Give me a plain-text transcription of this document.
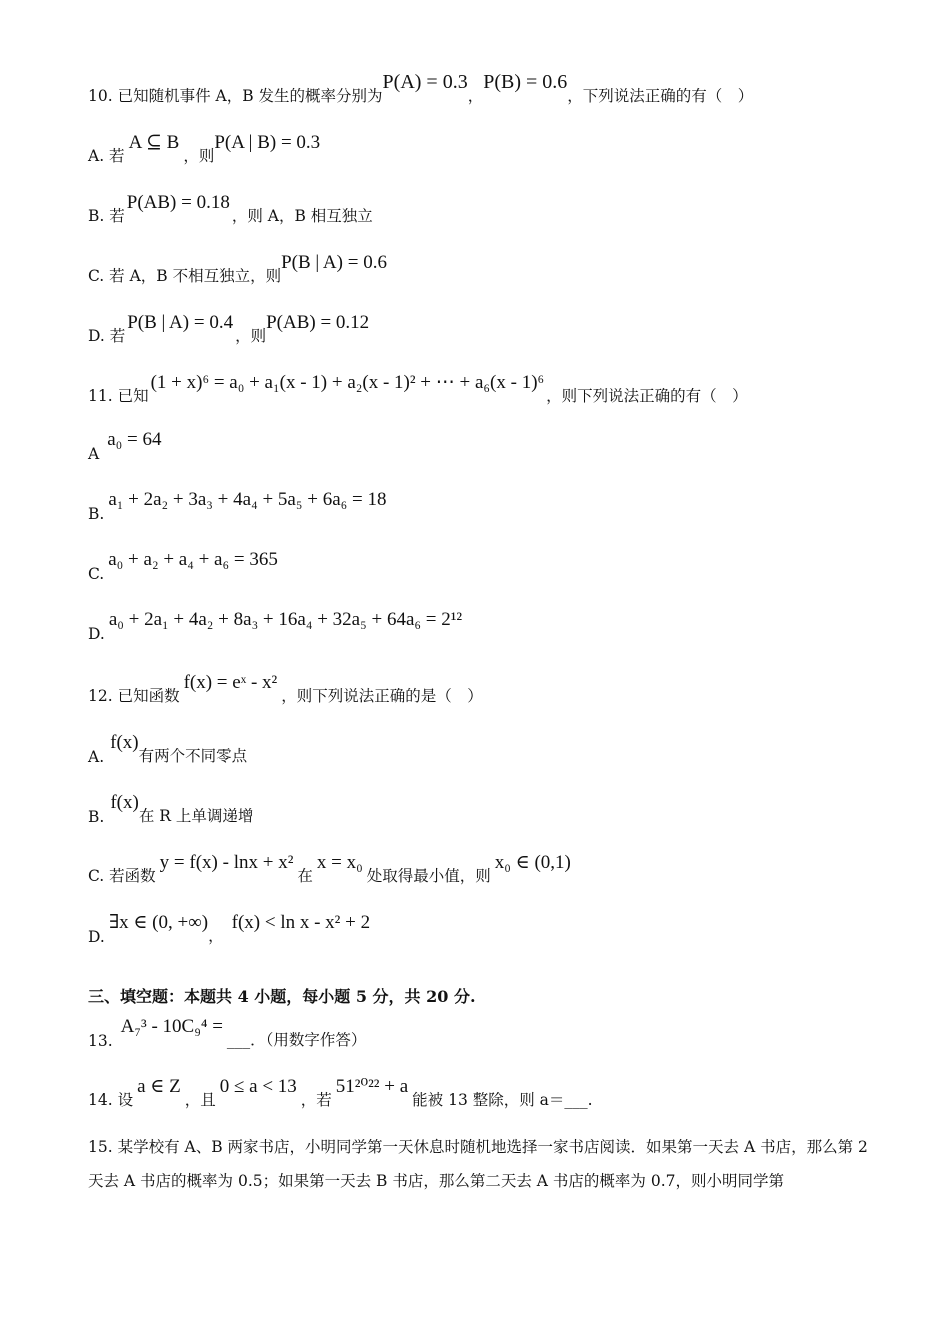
10. 已知随机事件 A，B 发生的概率分别为
P(A) = 0.3
，
P(B) = 0.6
，下列说法正确的有（　）
A. 若
A ⊆ B
，则
P(A | B) = 0.3
B. 若
P(AB) = 0.18
，则 A，B 相互独立
C. 若 A，B 不相互独立，则
P(B | A) = 0.6
D. 若
P(B | A) = 0.4
，则
P(AB) = 0.12
11. 已知
(1 + x)⁶ = a₀ + a₁(x - 1) + a₂(x - 1)² + ⋯ + a₆(x - 1)⁶
，则下列说法正确的有（　）
A
a₀ = 64
B.
a₁ + 2a₂ + 3a₃ + 4a₄ + 5a₅ + 6a₆ = 18
C.
a₀ + a₂ + a₄ + a₆ = 365
D.
a₀ + 2a₁ + 4a₂ + 8a₃ + 16a₄ + 32a₅ + 64a₆ = 2¹²
12. 已知函数
f(x) = eˣ - x²
，则下列说法正确的是（　）
A.
f(x)
有两个不同零点
B.
f(x)
在 R 上单调递增
C. 若函数
y = f(x) - lnx + x²
在
x = x₀
处取得最小值，则
x₀ ∈ (0,1)
D.
∃x ∈ (0, +∞)
，
f(x) < ln x - x² + 2
三、填空题：本题共 4 小题，每小题 5 分，共 20 分.
13.
A₇³ - 10C₉⁴ =
___．（用数字作答）
14. 设
a ∈ Z
，且
0 ≤ a < 13
，若
51²⁰²² + a
能被 13 整除，则 a＝___.
15. 某学校有 A、B 两家书店，小明同学第一天休息时随机地选择一家书店阅读．如果第一天去 A 书店，那么第 2 天去 A 书店的概率为 0.5；如果第一天去 B 书店，那么第二天去 A 书店的概率为 0.7，则小明同学第
